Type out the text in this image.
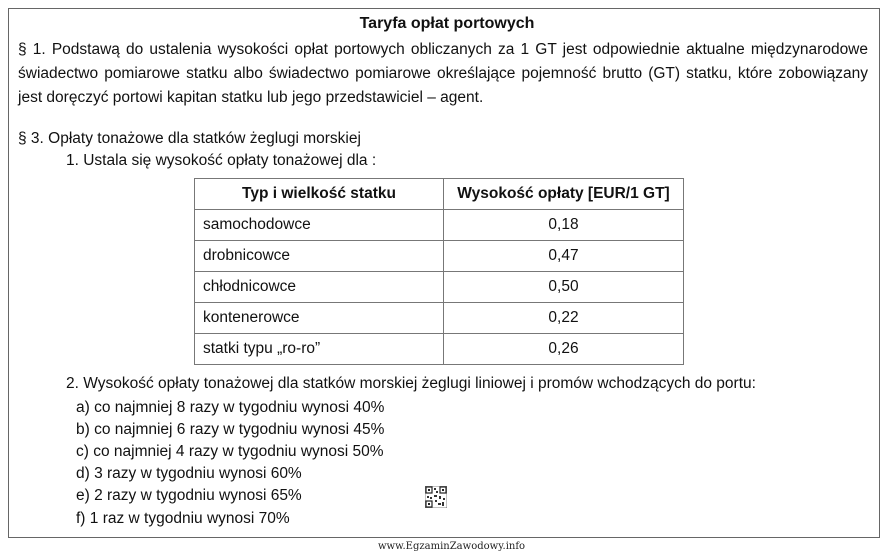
Taryfa opłat portowych
§ 1. Podstawą do ustalenia wysokości opłat portowych obliczanych za 1 GT jest odpowiednie aktualne międzynarodowe świadectwo pomiarowe statku albo świadectwo pomiarowe określające pojemność brutto (GT) statku, które zobowiązany jest doręczyć portowi kapitan statku lub jego przedstawiciel – agent.
§ 3. Opłaty tonażowe dla statków żeglugi morskiej
1. Ustala się wysokość opłaty tonażowej dla :
Typ i wielkość statku	Wysokość opłaty [EUR/1 GT]
samochodowce	0,18
drobnicowce	0,47
chłodnicowce	0,50
kontenerowce	0,22
statki typu „ro-ro”	0,26
2. Wysokość opłaty tonażowej dla statków morskiej żeglugi liniowej i promów wchodzących do portu:
a) co najmniej 8 razy w tygodniu wynosi 40%
b) co najmniej 6 razy w tygodniu wynosi 45%
c) co najmniej 4 razy w tygodniu wynosi 50%
d) 3 razy w tygodniu wynosi 60%
e) 2 razy w tygodniu wynosi 65%
f) 1 raz w tygodniu wynosi 70%
www.EgzaminZawodowy.info
